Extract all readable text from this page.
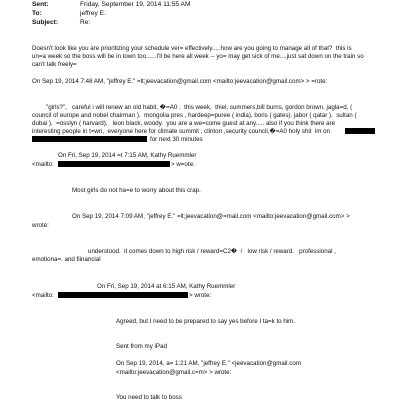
Sent:	Friday, September 19, 2014 11:55 AM
To:	jeffrey E.
Subject:	Re:
Doesn't look like you are prioritizing your schedule ver= effectively.....how are you going to manage all of that?  this is
un=a week so the boss will be in town too......I'll be here all week -- yo= may get sick of me....just sat down on the train so
can't talk freely=
On Sep 19, 2014 7:48 AM, "jeffrey E." =lt;jeevacation@gmail.com <mailto:jeevacation@gmail.com> > =rote:
"girls?",   careful i will renew an old habit, �=A0 .  this week,  thiel, summers,bill burns, gordon brown, jagla=d, (
council of europe and nobel chairman ).  mongolia pres , hardeep=puree ( india), boris ( gates). jabor ( qatar ).  sultan (
dubai ),  =osslyn ( harvard),   leon black, woody.  you are a we=come guest at any..... also if you think there are
interesting people in t=wn,  everyone here for climate summit , clinton ,security council,�=A0 holy shit  im on
for next 30 minutes
On Fri, Sep 19, 2014 =t 7:15 AM, Kathy Ruemmler
<mailto:	> w=ote:
Most girls do not ha=e to worry about this crap.
On Sep 19, 2014 7:09 AM, "jeffrey E." =lt;jeevacation@=mail.com <mailto:jeevacation@gmail.com> >
wrote:
understood.  it comes down to high risk / reward=C2�  /   low risk / reward.   professional ,
emotiona=. and fiinancial
On Fri, Sep 19, 2014 at 6:15 AM, Kathy Ruemmler
<mailto:	> wrote:
Agreed, but I need to be prepared to say yes before I ta=k to him.
Sent from my iPad
On Sep 19, 2014, a= 1:21 AM, "jeffrey E." <jeevacation@gmail.com
<mailto:jeevacation@gmail.c=m> > wrote:
You need to talk to boss
